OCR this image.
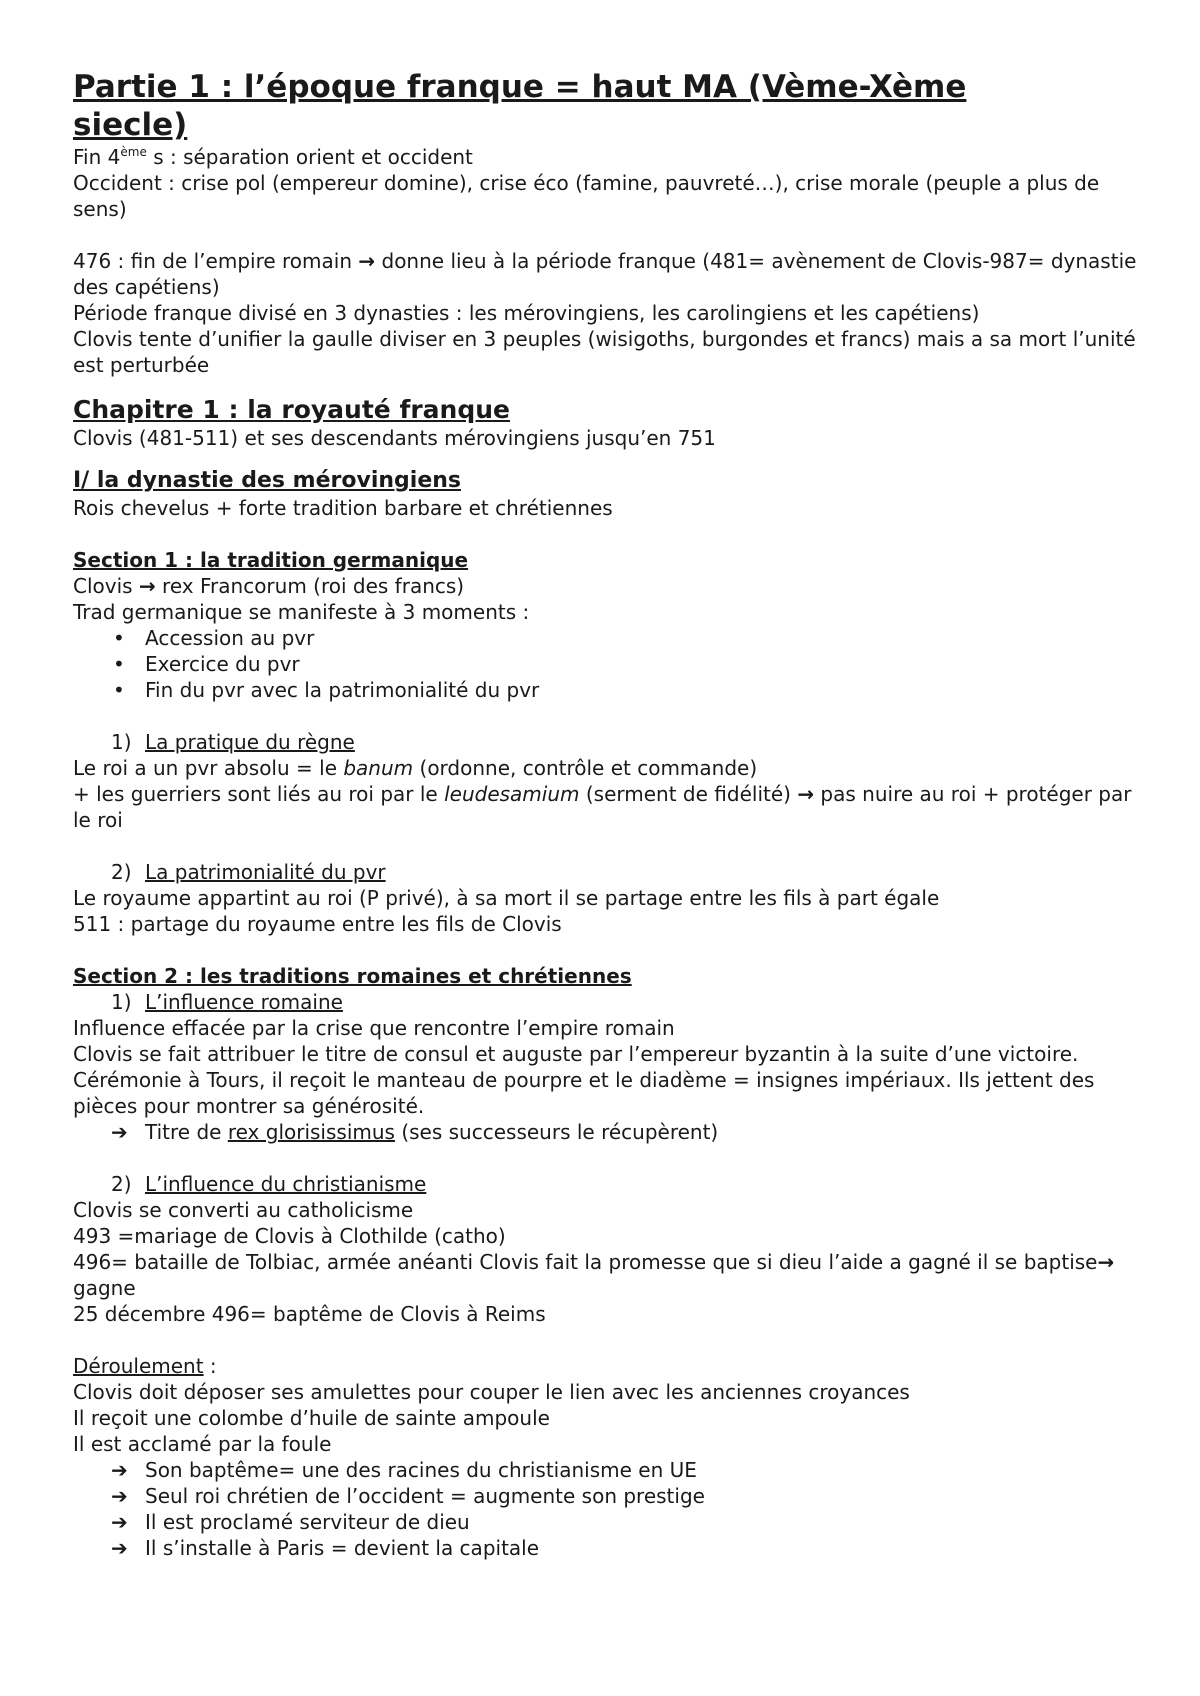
Partie 1 : l’époque franque = haut MA (Vème-Xème
siecle)

Fin 4ème s : séparation orient et occident

Occident : crise pol (empereur domine), crise éco (famine, pauvreté…), crise morale (peuple a plus de sens)

476 : fin de l’empire romain → donne lieu à la période franque (481= avènement de Clovis-987= dynastie des capétiens)

Période franque divisé en 3 dynasties : les mérovingiens, les carolingiens et les capétiens)

Clovis tente d’unifier la gaulle diviser en 3 peuples (wisigoths, burgondes et francs) mais a sa mort l’unité est perturbée

Chapitre 1 : la royauté franque

Clovis (481-511) et ses descendants mérovingiens jusqu’en 751

I/ la dynastie des mérovingiens

Rois chevelus + forte tradition barbare et chrétiennes

Section 1 : la tradition germanique

Clovis → rex Francorum (roi des francs)

Trad germanique se manifeste à 3 moments :

• Accession au pvr
• Exercice du pvr
• Fin du pvr avec la patrimonialité du pvr
1) La pratique du règne

Le roi a un pvr absolu = le banum (ordonne, contrôle et commande)

+ les guerriers sont liés au roi par le leudesamium (serment de fidélité) → pas nuire au roi + protéger par le roi

2) La patrimonialité du pvr

Le royaume appartint au roi (P privé), à sa mort il se partage entre les fils à part égale

511 : partage du royaume entre les fils de Clovis

Section 2 : les traditions romaines et chrétiennes

1) L’influence romaine

Influence effacée par la crise que rencontre l’empire romain

Clovis se fait attribuer le titre de consul et auguste par l’empereur byzantin à la suite d’une victoire.

Cérémonie à Tours, il reçoit le manteau de pourpre et le diadème = insignes impériaux. Ils jettent des pièces pour montrer sa générosité.

➔ Titre de rex glorisissimus (ses successeurs le récupèrent)
2) L’influence du christianisme

Clovis se converti au catholicisme

493 =mariage de Clovis à Clothilde (catho)

496= bataille de Tolbiac, armée anéanti Clovis fait la promesse que si dieu l’aide a gagné il se baptise→ gagne

25 décembre 496= baptême de Clovis à Reims

Déroulement :

Clovis doit déposer ses amulettes pour couper le lien avec les anciennes croyances

Il reçoit une colombe d’huile de sainte ampoule

Il est acclamé par la foule

➔ Son baptême= une des racines du christianisme en UE
➔ Seul roi chrétien de l’occident = augmente son prestige
➔ Il est proclamé serviteur de dieu
➔ Il s’installe à Paris = devient la capitale
